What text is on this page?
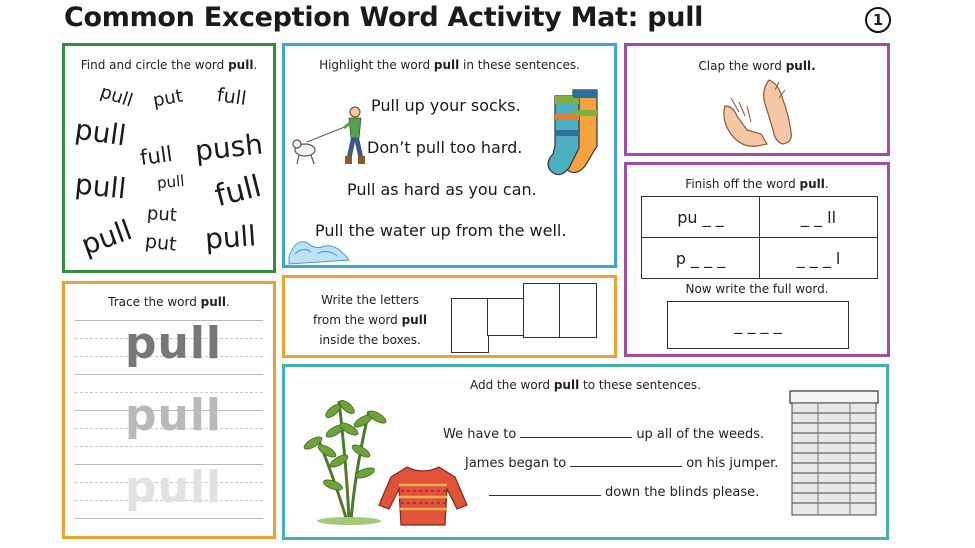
Common Exception Word Activity Mat: pull	1
Find and circle the word pull.
pull put full
pull
full push
pull pull full
put
pull put pull
Highlight the word pull in these sentences.
Pull up your socks.
Don’t pull too hard.
Pull as hard as you can.
Pull the water up from the well.
Clap the word pull.
Finish off the word pull.
pu _ _	_ _ ll
p _ _ _	_ _ _ l
Now write the full word.
_ _ _ _
Trace the word pull.
pull
pull
pull
Write the letters
from the word pull
inside the boxes.
Add the word pull to these sentences.
We have to	up all of the weeds.
James began to	on his jumper.
down the blinds please.
